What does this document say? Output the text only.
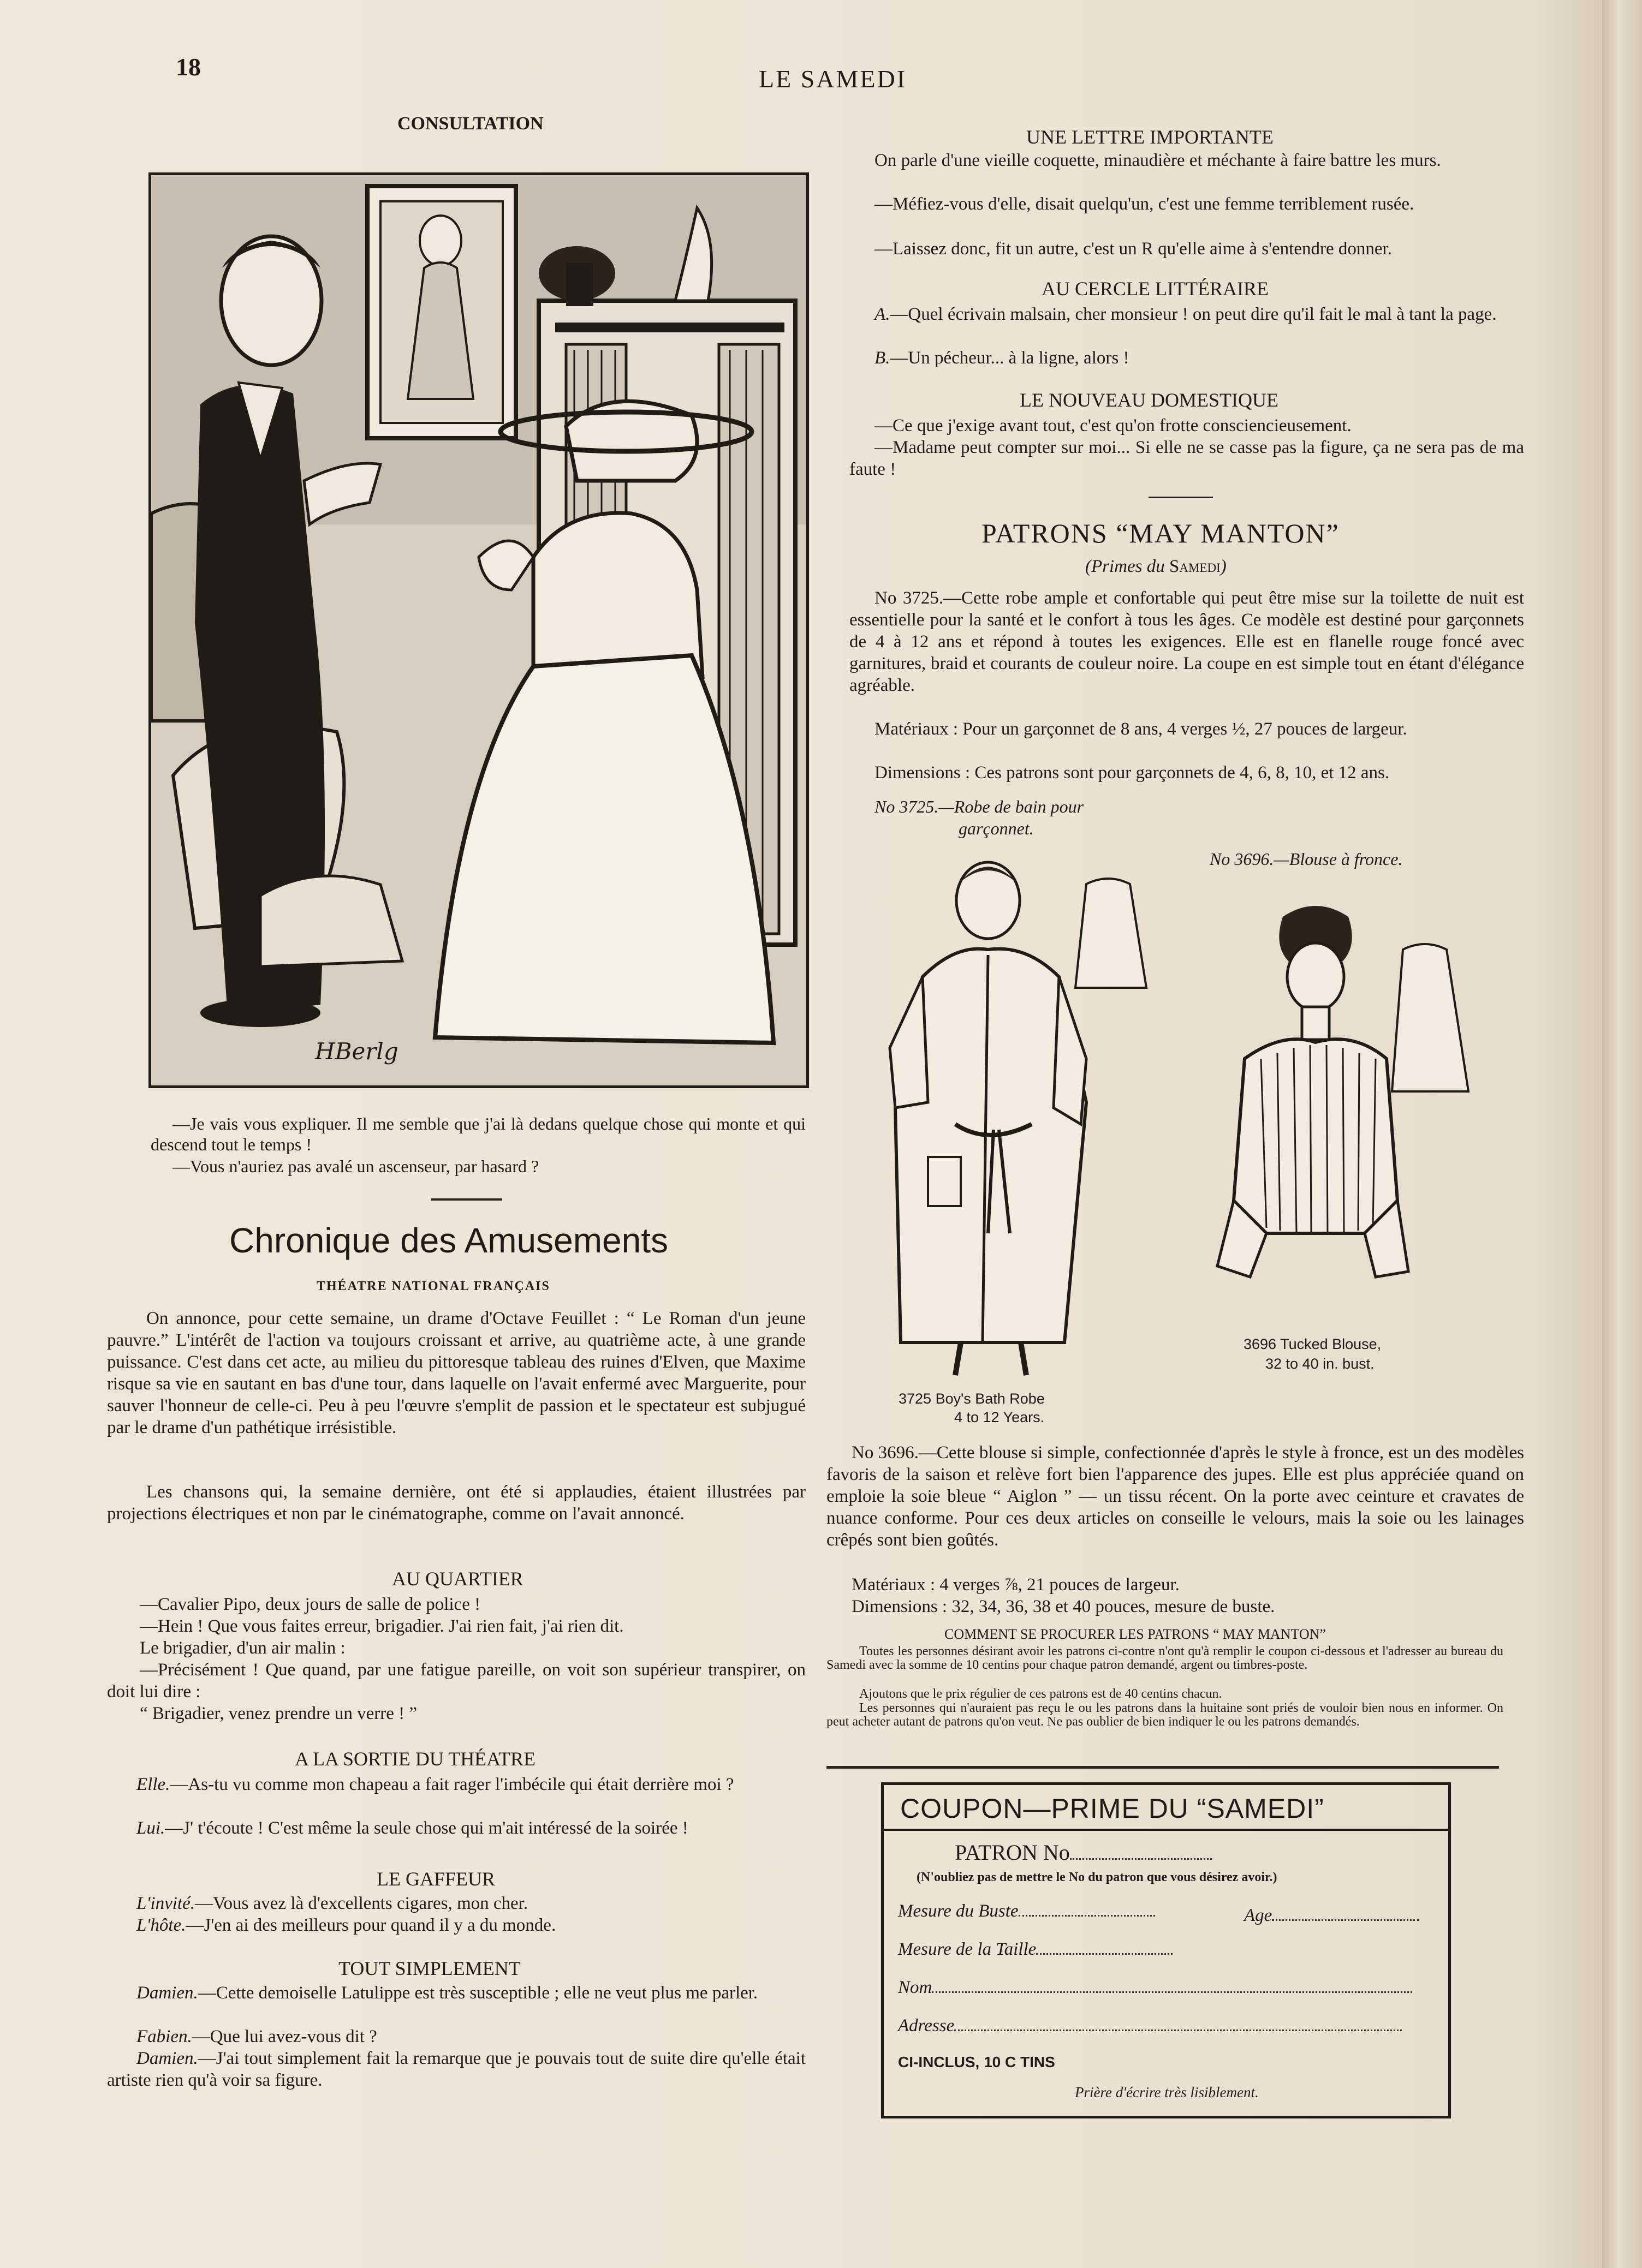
18	LE SAMEDI
CONSULTATION
HBerlg
—Je vais vous expliquer. Il me semble que j'ai là dedans quelque chose qui monte et qui descend tout le temps !
—Vous n'auriez pas avalé un ascenseur, par hasard ?
Chronique des Amusements
THÉATRE NATIONAL FRANÇAIS
On annonce, pour cette semaine, un drame d'Octave Feuillet : “ Le Roman d'un jeune pauvre.” L'intérêt de l'action va toujours croissant et arrive, au quatrième acte, à une grande puissance. C'est dans cet acte, au milieu du pittoresque tableau des ruines d'Elven, que Maxime risque sa vie en sautant en bas d'une tour, dans laquelle on l'avait enfermé avec Marguerite, pour sauver l'honneur de celle-ci. Peu à peu l'œuvre s'emplit de passion et le spectateur est subjugué par le drame d'un pathétique irrésistible.
Les chansons qui, la semaine dernière, ont été si applaudies, étaient illustrées par projections électriques et non par le cinématographe, comme on l'avait annoncé.
AU QUARTIER
—Cavalier Pipo, deux jours de salle de police !
—Hein ! Que vous faites erreur, brigadier. J'ai rien fait, j'ai rien dit.
Le brigadier, d'un air malin :
—Précisément ! Que quand, par une fatigue pareille, on voit son supérieur transpirer, on doit lui dire :
“ Brigadier, venez prendre un verre ! ”
A LA SORTIE DU THÉATRE
Elle.—As-tu vu comme mon chapeau a fait rager l'imbécile qui était derrière moi ?
Lui.—J' t'écoute ! C'est même la seule chose qui m'ait intéressé de la soirée !
LE GAFFEUR
L'invité.—Vous avez là d'excellents cigares, mon cher.
L'hôte.—J'en ai des meilleurs pour quand il y a du monde.
TOUT SIMPLEMENT
Damien.—Cette demoiselle Latulippe est très susceptible ; elle ne veut plus me parler.
Fabien.—Que lui avez-vous dit ?
Damien.—J'ai tout simplement fait la remarque que je pouvais tout de suite dire qu'elle était artiste rien qu'à voir sa figure.
UNE LETTRE IMPORTANTE
On parle d'une vieille coquette, minaudière et méchante à faire battre les murs.
—Méfiez-vous d'elle, disait quelqu'un, c'est une femme terriblement rusée.
—Laissez donc, fit un autre, c'est un R qu'elle aime à s'entendre donner.
AU CERCLE LITTÉRAIRE
A.—Quel écrivain malsain, cher monsieur ! on peut dire qu'il fait le mal à tant la page.
B.—Un pécheur... à la ligne, alors !
LE NOUVEAU DOMESTIQUE
—Ce que j'exige avant tout, c'est qu'on frotte consciencieusement.
—Madame peut compter sur moi... Si elle ne se casse pas la figure, ça ne sera pas de ma faute !
PATRONS “MAY MANTON”
(Primes du Samedi)
No 3725.—Cette robe ample et confortable qui peut être mise sur la toilette de nuit est essentielle pour la santé et le confort à tous les âges. Ce modèle est destiné pour garçonnets de 4 à 12 ans et répond à toutes les exigences. Elle est en flanelle rouge foncé avec garnitures, braid et courants de couleur noire. La coupe en est simple tout en étant d'élégance agréable.
Matériaux : Pour un garçonnet de 8 ans, 4 verges ½, 27 pouces de largeur.
Dimensions : Ces patrons sont pour garçonnets de 4, 6, 8, 10, et 12 ans.
No 3725.—Robe de bain pour
garçonnet.
No 3696.—Blouse à fronce.
3725 Boy's Bath Robe
4 to 12 Years.
3696 Tucked Blouse,
32 to 40 in. bust.
No 3696.—Cette blouse si simple, confectionnée d'après le style à fronce, est un des modèles favoris de la saison et relève fort bien l'apparence des jupes. Elle est plus appréciée quand on emploie la soie bleue “ Aiglon ” — un tissu récent. On la porte avec ceinture et cravates de nuance conforme. Pour ces deux articles on conseille le velours, mais la soie ou les lainages crêpés sont bien goûtés.
Matériaux : 4 verges ⅞, 21 pouces de largeur.
Dimensions : 32, 34, 36, 38 et 40 pouces, mesure de buste.
COMMENT SE PROCURER LES PATRONS “ MAY MANTON”
Toutes les personnes désirant avoir les patrons ci-contre n'ont qu'à remplir le coupon ci-dessous et l'adresser au bureau du Samedi avec la somme de 10 centins pour chaque patron demandé, argent ou timbres-poste.
Ajoutons que le prix régulier de ces patrons est de 40 centins chacun.
Les personnes qui n'auraient pas reçu le ou les patrons dans la huitaine sont priés de vouloir bien nous en informer. On peut acheter autant de patrons qu'on veut. Ne pas oublier de bien indiquer le ou les patrons demandés.
COUPON—PRIME DU “SAMEDI”
PATRON No
(N'oubliez pas de mettre le No du patron que vous désirez avoir.)
Mesure du Buste	Age
Mesure de la Taille
Nom
Adresse
CI-INCLUS, 10 C TINS
Prière d'écrire très lisiblement.
